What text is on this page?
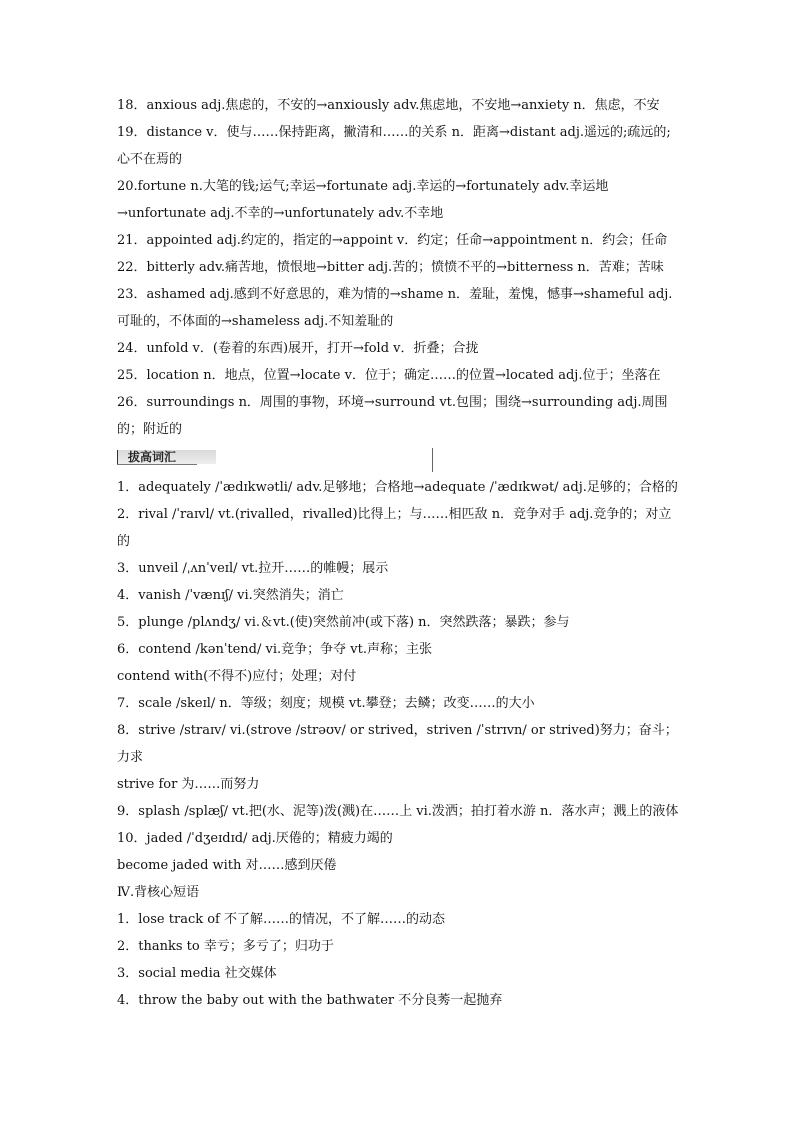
18．anxious adj.焦虑的，不安的→anxiously adv.焦虑地，不安地→anxiety n．焦虑，不安

19．distance v．使与……保持距离，撇清和……的关系 n．距离→distant adj.遥远的;疏远的;心不在焉的

20.fortune n.大笔的钱;运气;幸运→fortunate adj.幸运的→fortunately adv.幸运地→unfortunate adj.不幸的→unfortunately adv.不幸地

21．appointed adj.约定的，指定的→appoint v．约定；任命→appointment n．约会；任命

22．bitterly adv.痛苦地，愤恨地→bitter adj.苦的；愤愤不平的→bitterness n．苦难；苦味

23．ashamed adj.感到不好意思的，难为情的→shame n．羞耻，羞愧，憾事→shameful adj.可耻的，不体面的→shameless adj.不知羞耻的

24．unfold v．(卷着的东西)展开，打开→fold v．折叠；合拢

25．location n．地点，位置→locate v．位于；确定……的位置→located adj.位于；坐落在

26．surroundings n．周围的事物，环境→surround vt.包围；围绕→surrounding adj.周围的；附近的

拔高词汇

1．adequately /ˈædɪkwətli/ adv.足够地；合格地→adequate /ˈædɪkwət/ adj.足够的；合格的

2．rival /ˈraɪvl/ vt.(rivalled，rivalled)比得上；与……相匹敌 n．竞争对手 adj.竞争的；对立的

3．unveil /ˌʌnˈveɪl/ vt.拉开……的帷幔；展示

4．vanish /ˈvænɪʃ/ vi.突然消失；消亡

5．plunge /plʌndʒ/ vi.＆vt.(使)突然前冲(或下落) n．突然跌落；暴跌；参与

6．contend /kənˈtend/ vi.竞争；争夺 vt.声称；主张

contend with(不得不)应付；处理；对付

7．scale /skeɪl/ n．等级；刻度；规模 vt.攀登；去鳞；改变……的大小

8．strive /straɪv/ vi.(strove /strəʊv/ or strived，striven /ˈstrɪvn/ or strived)努力；奋斗；力求

strive for 为……而努力

9．splash /splæʃ/ vt.把(水、泥等)泼(溅)在……上 vi.泼洒；拍打着水游 n．落水声；溅上的液体

10．jaded /ˈdʒeɪdɪd/ adj.厌倦的；精疲力竭的

become jaded with 对……感到厌倦

Ⅳ.背核心短语

1．lose track of 不了解……的情况，不了解……的动态

2．thanks to 幸亏；多亏了；归功于

3．social media 社交媒体

4．throw the baby out with the bathwater 不分良莠一起抛弃
